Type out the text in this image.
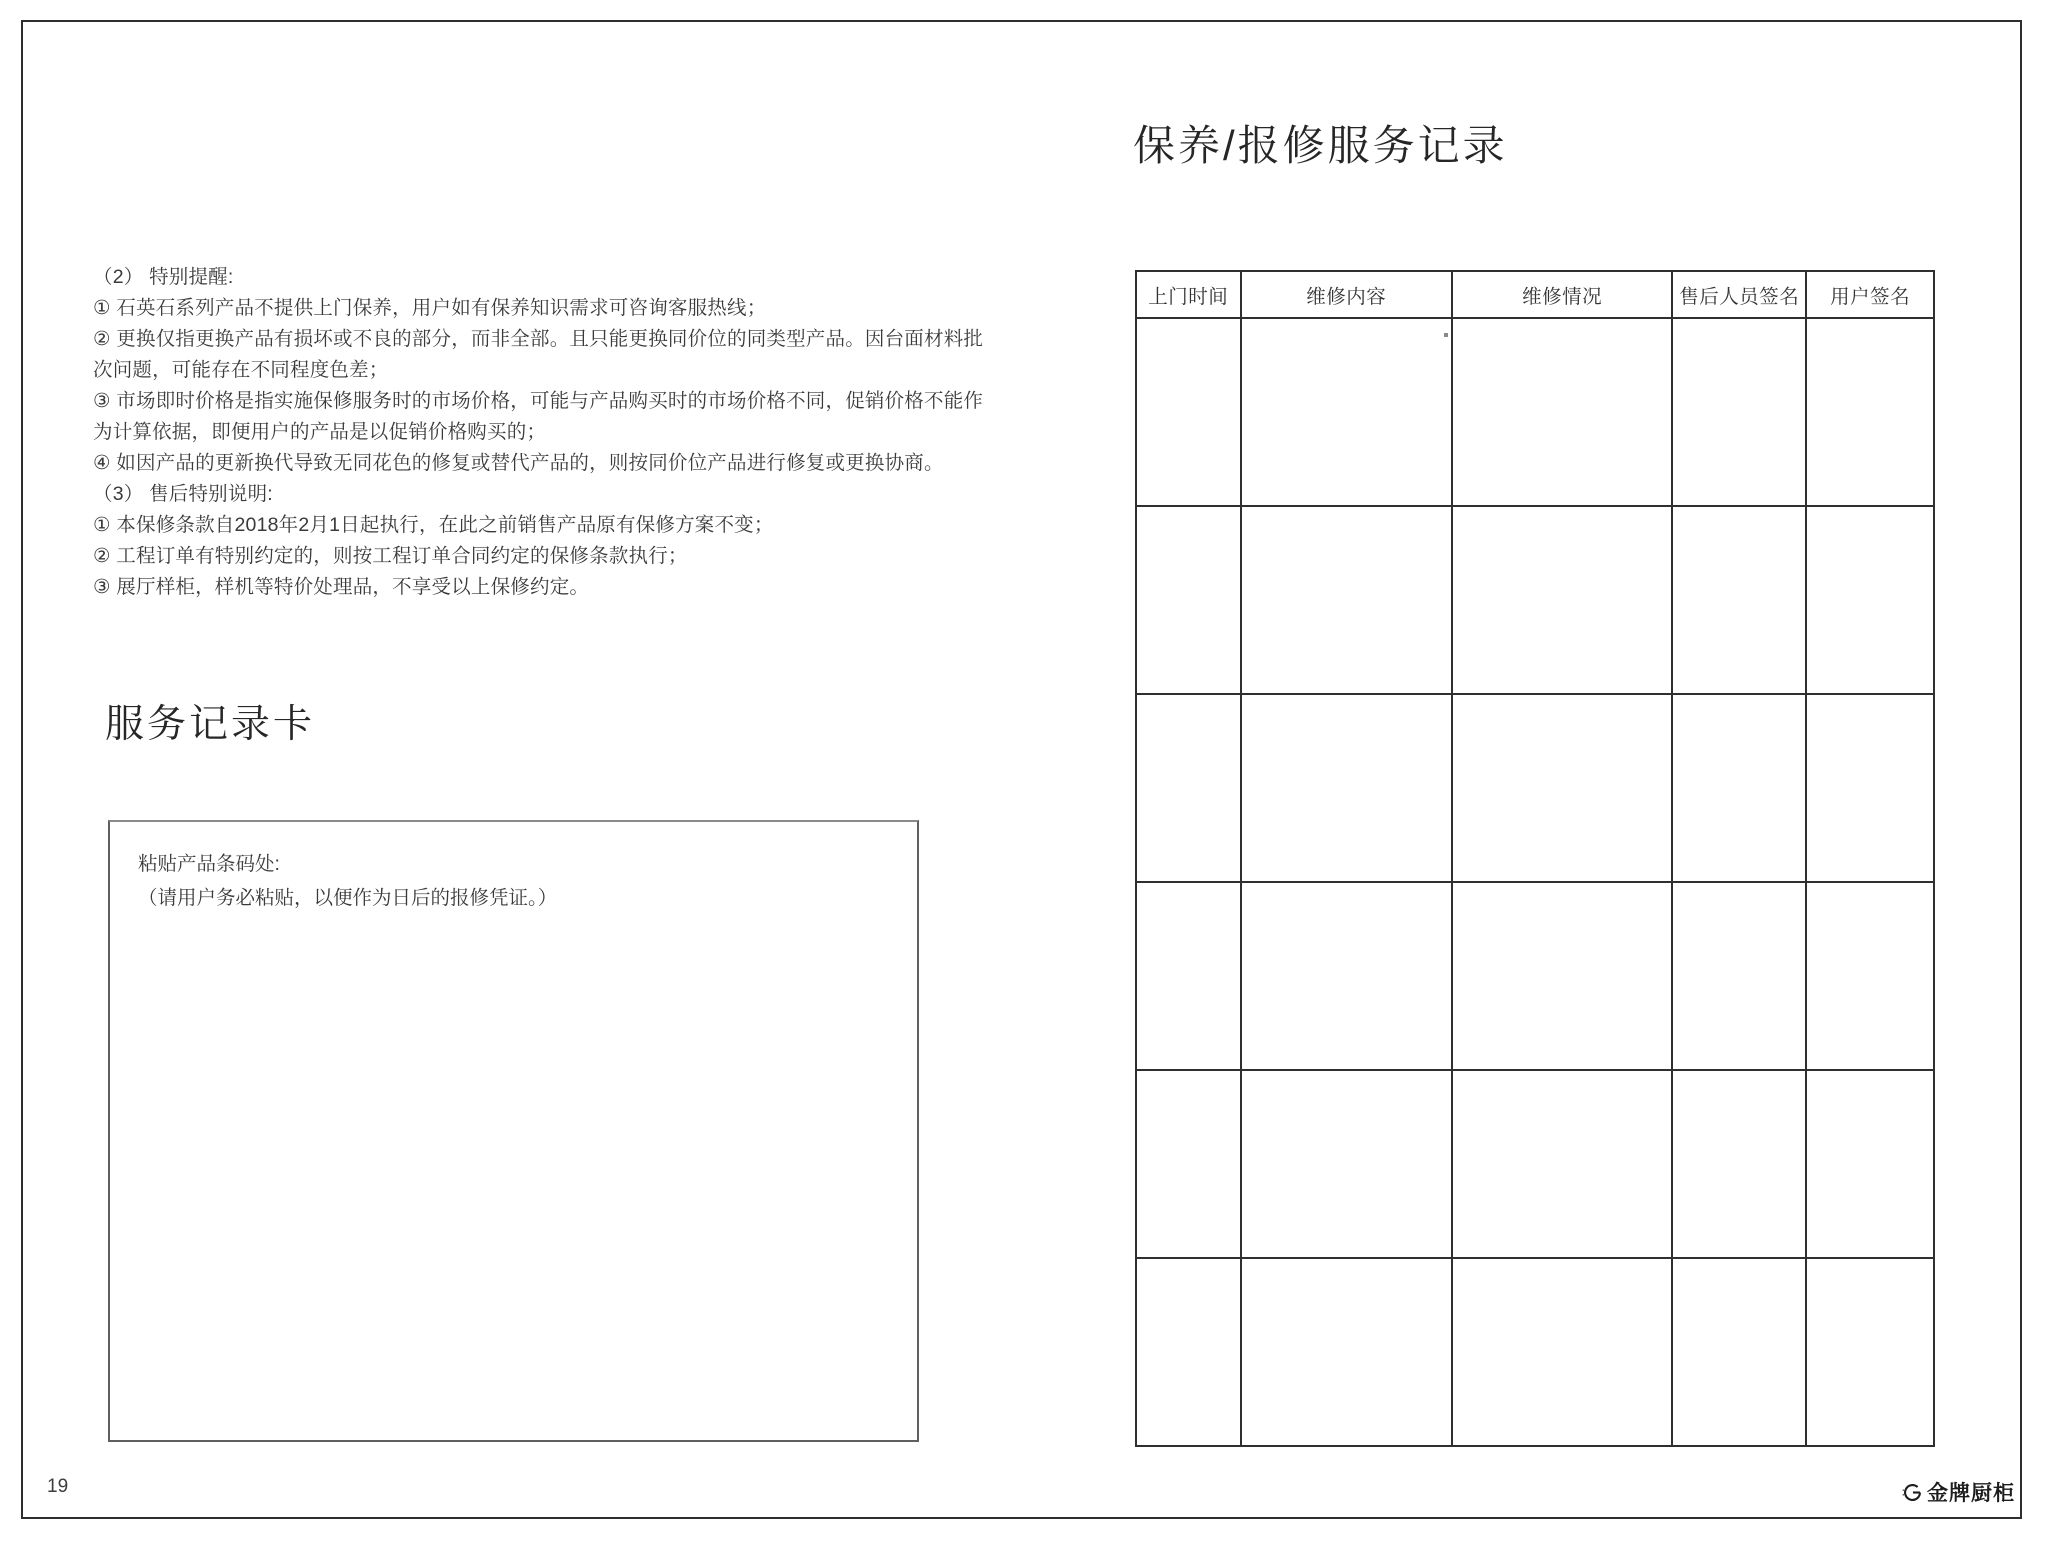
（2） 特别提醒:
① 石英石系列产品不提供上门保养，用户如有保养知识需求可咨询客服热线；
② 更换仅指更换产品有损坏或不良的部分，而非全部。且只能更换同价位的同类型产品。因台面材料批
次问题，可能存在不同程度色差；
③ 市场即时价格是指实施保修服务时的市场价格，可能与产品购买时的市场价格不同，促销价格不能作
为计算依据，即便用户的产品是以促销价格购买的；
④ 如因产品的更新换代导致无同花色的修复或替代产品的，则按同价位产品进行修复或更换协商。
（3） 售后特别说明:
① 本保修条款自2018年2月1日起执行，在此之前销售产品原有保修方案不变；
② 工程订单有特别约定的，则按工程订单合同约定的保修条款执行；
③ 展厅样柜，样机等特价处理品，不享受以上保修约定。
服务记录卡
粘贴产品条码处:
（请用户务必粘贴，以便作为日后的报修凭证。）
保养/报修服务记录
上门时间	维修内容	维修情况	售后人员签名	用户签名

19	金牌厨柜
